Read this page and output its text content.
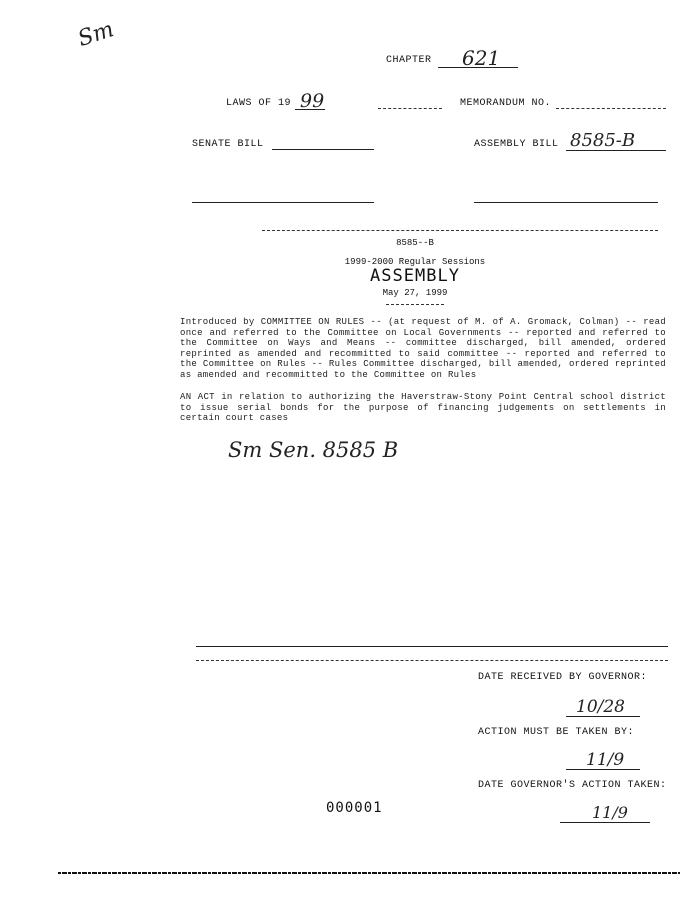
Sm
CHAPTER 621
LAWS OF 19 99	MEMORANDUM NO.
SENATE BILL	ASSEMBLY BILL 8585-B
8585--B
1999-2000 Regular Sessions
ASSEMBLY
May 27, 1999
Introduced by COMMITTEE ON RULES -- (at request of M. of A. Gromack, Colman) -- read once and referred to the Committee on Local Governments -- reported and referred to the Committee on Ways and Means -- committee discharged, bill amended, ordered reprinted as amended and recommitted to said committee -- reported and referred to the Committee on Rules -- Rules Committee discharged, bill amended, ordered reprinted as amended and recommitted to the Committee on Rules
AN ACT in relation to authorizing the Haverstraw-Stony Point Central school district to issue serial bonds for the purpose of financing judgements on settlements in certain court cases
Sm Sen. 8585 B
DATE RECEIVED BY GOVERNOR:
10/28
ACTION MUST BE TAKEN BY:
11/9
DATE GOVERNOR'S ACTION TAKEN:
11/9
000001
